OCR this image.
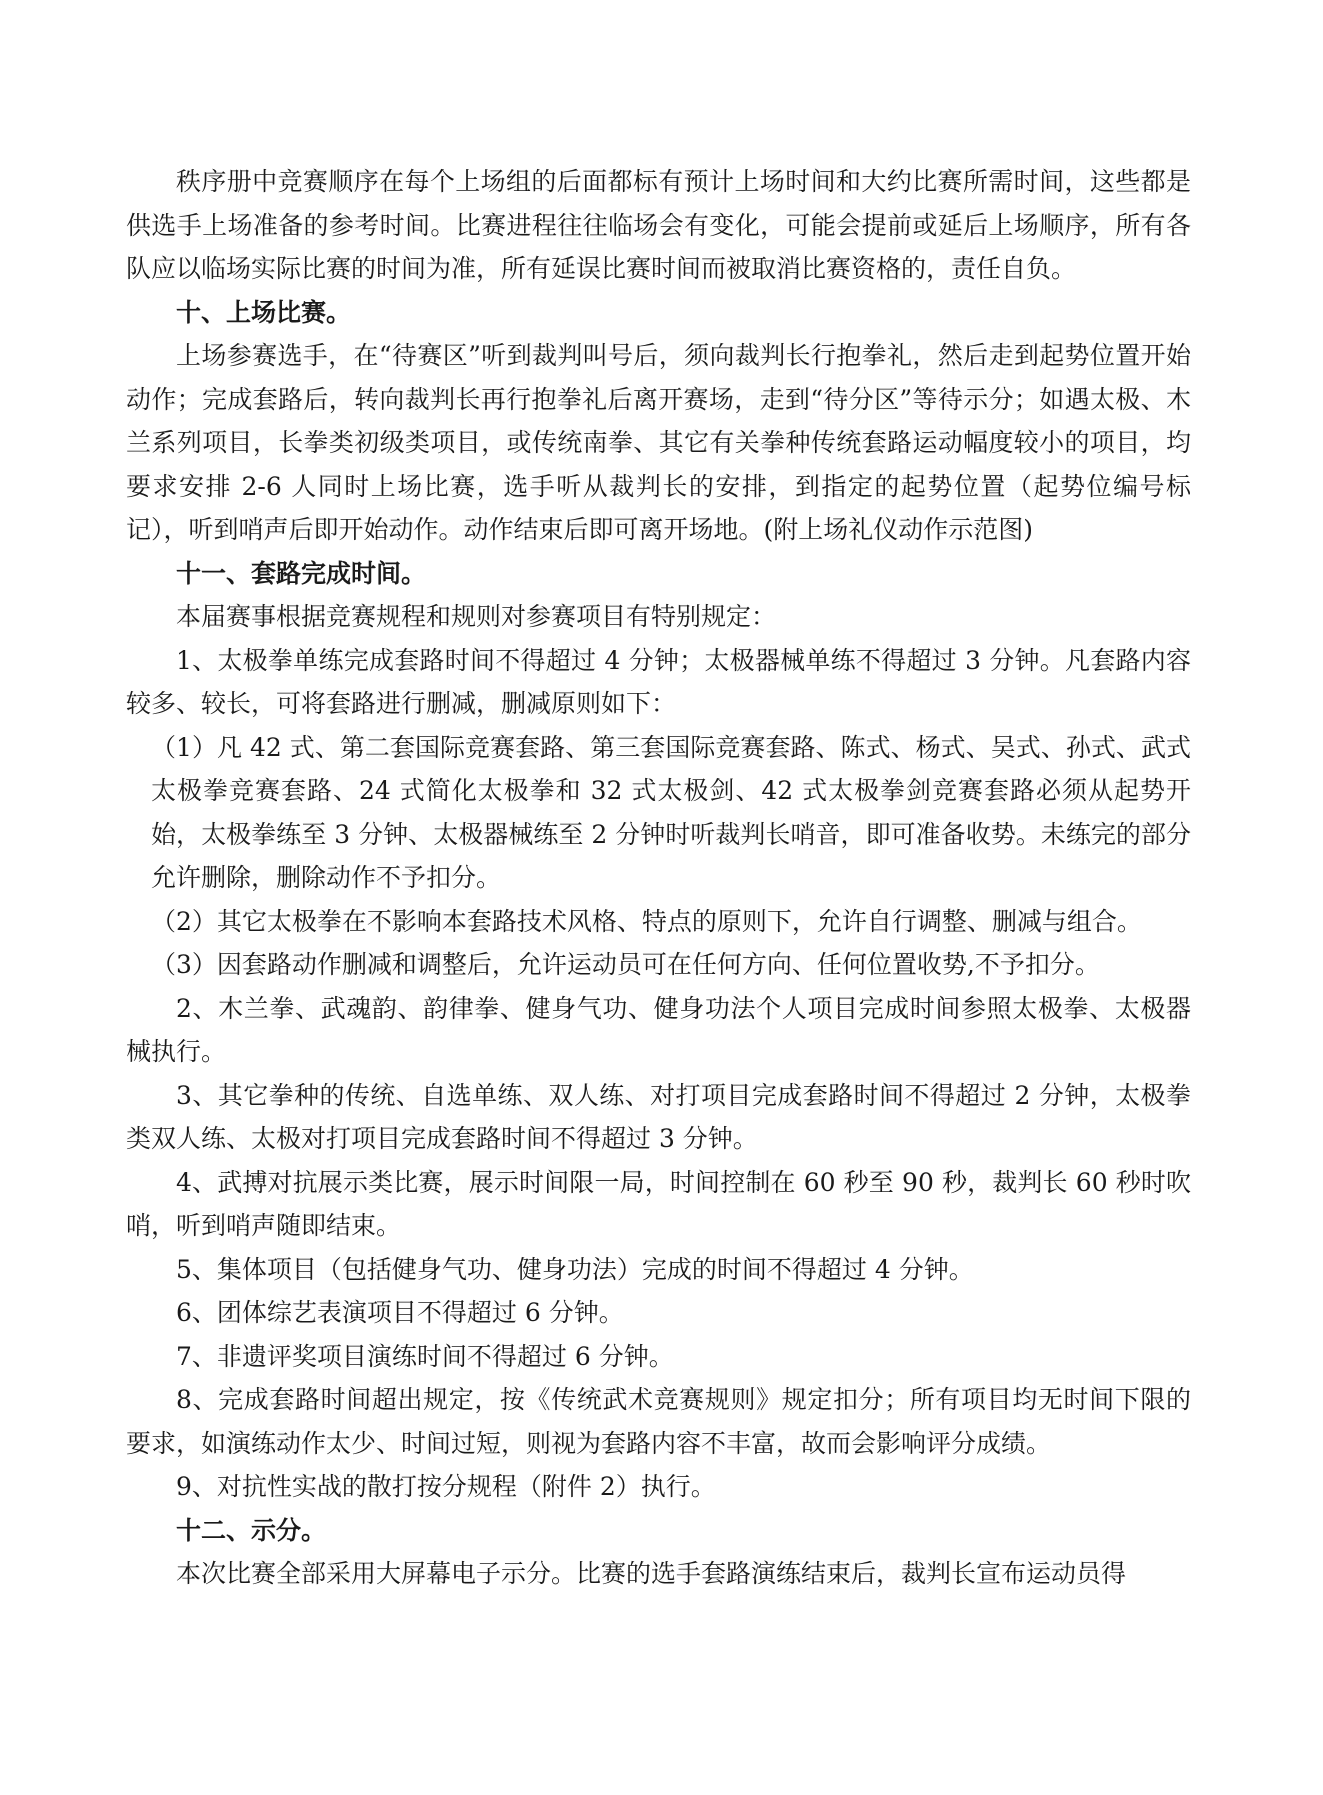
秩序册中竞赛顺序在每个上场组的后面都标有预计上场时间和大约比赛所需时间，这些都是供选手上场准备的参考时间。比赛进程往往临场会有变化，可能会提前或延后上场顺序，所有各队应以临场实际比赛的时间为准，所有延误比赛时间而被取消比赛资格的，责任自负。

十、上场比赛。

上场参赛选手，在“待赛区”听到裁判叫号后，须向裁判长行抱拳礼，然后走到起势位置开始动作；完成套路后，转向裁判长再行抱拳礼后离开赛场，走到“待分区”等待示分；如遇太极、木兰系列项目，长拳类初级类项目，或传统南拳、其它有关拳种传统套路运动幅度较小的项目，均要求安排 2-6 人同时上场比赛，选手听从裁判长的安排，到指定的起势位置（起势位编号标记），听到哨声后即开始动作。动作结束后即可离开场地。(附上场礼仪动作示范图)

十一、套路完成时间。

本届赛事根据竞赛规程和规则对参赛项目有特别规定：

1、太极拳单练完成套路时间不得超过 4 分钟；太极器械单练不得超过 3 分钟。凡套路内容较多、较长，可将套路进行删减，删减原则如下：

（1）凡 42 式、第二套国际竞赛套路、第三套国际竞赛套路、陈式、杨式、吴式、孙式、武式太极拳竞赛套路、24 式简化太极拳和 32 式太极剑、42 式太极拳剑竞赛套路必须从起势开始，太极拳练至 3 分钟、太极器械练至 2 分钟时听裁判长哨音，即可准备收势。未练完的部分允许删除，删除动作不予扣分。

（2）其它太极拳在不影响本套路技术风格、特点的原则下，允许自行调整、删减与组合。

（3）因套路动作删减和调整后，允许运动员可在任何方向、任何位置收势,不予扣分。

2、木兰拳、武魂韵、韵律拳、健身气功、健身功法个人项目完成时间参照太极拳、太极器械执行。

3、其它拳种的传统、自选单练、双人练、对打项目完成套路时间不得超过 2 分钟，太极拳类双人练、太极对打项目完成套路时间不得超过 3 分钟。

4、武搏对抗展示类比赛，展示时间限一局，时间控制在 60 秒至 90 秒，裁判长 60 秒时吹哨，听到哨声随即结束。

5、集体项目（包括健身气功、健身功法）完成的时间不得超过 4 分钟。

6、团体综艺表演项目不得超过 6 分钟。

7、非遗评奖项目演练时间不得超过 6 分钟。

8、完成套路时间超出规定，按《传统武术竞赛规则》规定扣分；所有项目均无时间下限的要求，如演练动作太少、时间过短，则视为套路内容不丰富，故而会影响评分成绩。

9、对抗性实战的散打按分规程（附件 2）执行。

十二、示分。

本次比赛全部采用大屏幕电子示分。比赛的选手套路演练结束后，裁判长宣布运动员得
